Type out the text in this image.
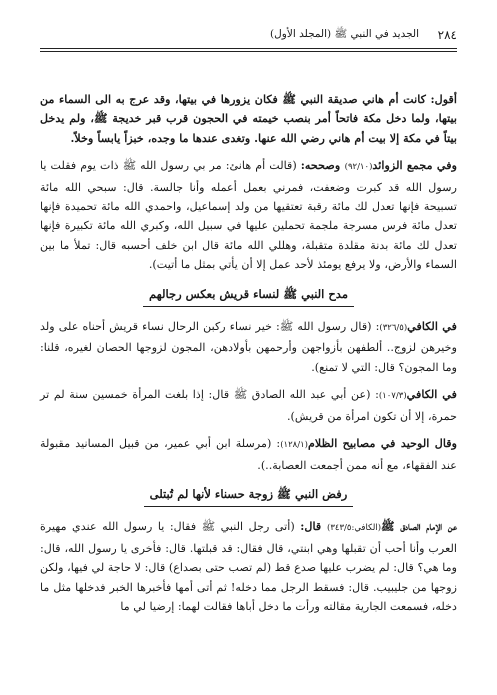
٢٨٤
الجديد في النبي ﷺ (المجلد الأول)

أقول: كانت أم هاني صديقة النبي ﷺ فكان يزورها في بيتها، وقد عرج به الى السماء من بيتها، ولما دخل مكة فاتحاً أمر بنصب خيمته في الحجون قرب قبر خديجة ﷺ، ولم يدخل بيتاً في مكة إلا بيت أم هاني رضي الله عنها. وتغدى عندها ما وجده، خبزاً يابساً وخلاً.

وفي مجمع الزوائد(٩٢/١٠) وصححه: (قالت أم هانئ: مر بي رسول الله ﷺ ذات يوم فقلت يا رسول الله قد كبرت وضعفت، فمرني بعمل أعمله وأنا جالسة. قال: سبحي الله مائة تسبيحة فإنها تعدل لك مائة رقبة تعتقيها من ولد إسماعيل، واحمدي الله مائة تحميدة فإنها تعدل مائة فرس مسرجة ملجمة تحملين عليها في سبيل الله، وكبري الله مائة تكبيرة فإنها تعدل لك مائة بدنة مقلدة متقبلة، وهللي الله مائة قال ابن خلف أحسبه قال: تملأ ما بين السماء والأرض، ولا يرفع يومئذ لأحد عمل إلا أن يأتي بمثل ما أتيت).

مدح النبي ﷺ لنساء قريش بعكس رجالهم

في الكافي(٣٢٦/٥): (قال رسول الله ﷺ: خير نساء ركبن الرحال نساء قريش أحناه على ولد وخيرهن لزوج.. ألطفهن بأزواجهن وأرحمهن بأولادهن، المجون لزوجها الحصان لغيره، قلنا: وما المجون؟ قال: التي لا تمنع).

في الكافي(١٠٧/٣): (عن أبي عبد الله الصادق ﷺ قال: إذا بلغت المرأة خمسين سنة لم تر حمرة، إلا أن تكون امرأة من قريش).

وقال الوحيد في مصابيح الظلام(١٢٨/١): (مرسلة ابن أبي عمير، من قبيل المسانيد مقبولة عند الفقهاء، مع أنه ممن أجمعت العصابة..).

رفض النبي ﷺ زوجة حسناء لأنها لم تُبتلى

عن الإمام الصادق ﷺ(الكافي:٣٤٣/٥) قال: (أتى رجل النبي ﷺ فقال: يا رسول الله عندي مهيرة العرب وأنا أحب أن تقبلها وهي ابنتي، قال فقال: قد قبلتها. قال: فأخرى يا رسول الله، قال: وما هي؟ قال: لم يضرب عليها صدع قط (لم تصب حتى بصداع) قال: لا حاجة لي فيها، ولكن زوجها من جليبيب. قال: فسقط الرجل مما دخله! ثم أتى أمها فأخبرها الخبر فدخلها مثل ما دخله، فسمعت الجارية مقالته ورأت ما دخل أباها فقالت لهما: إرضيا لي ما
